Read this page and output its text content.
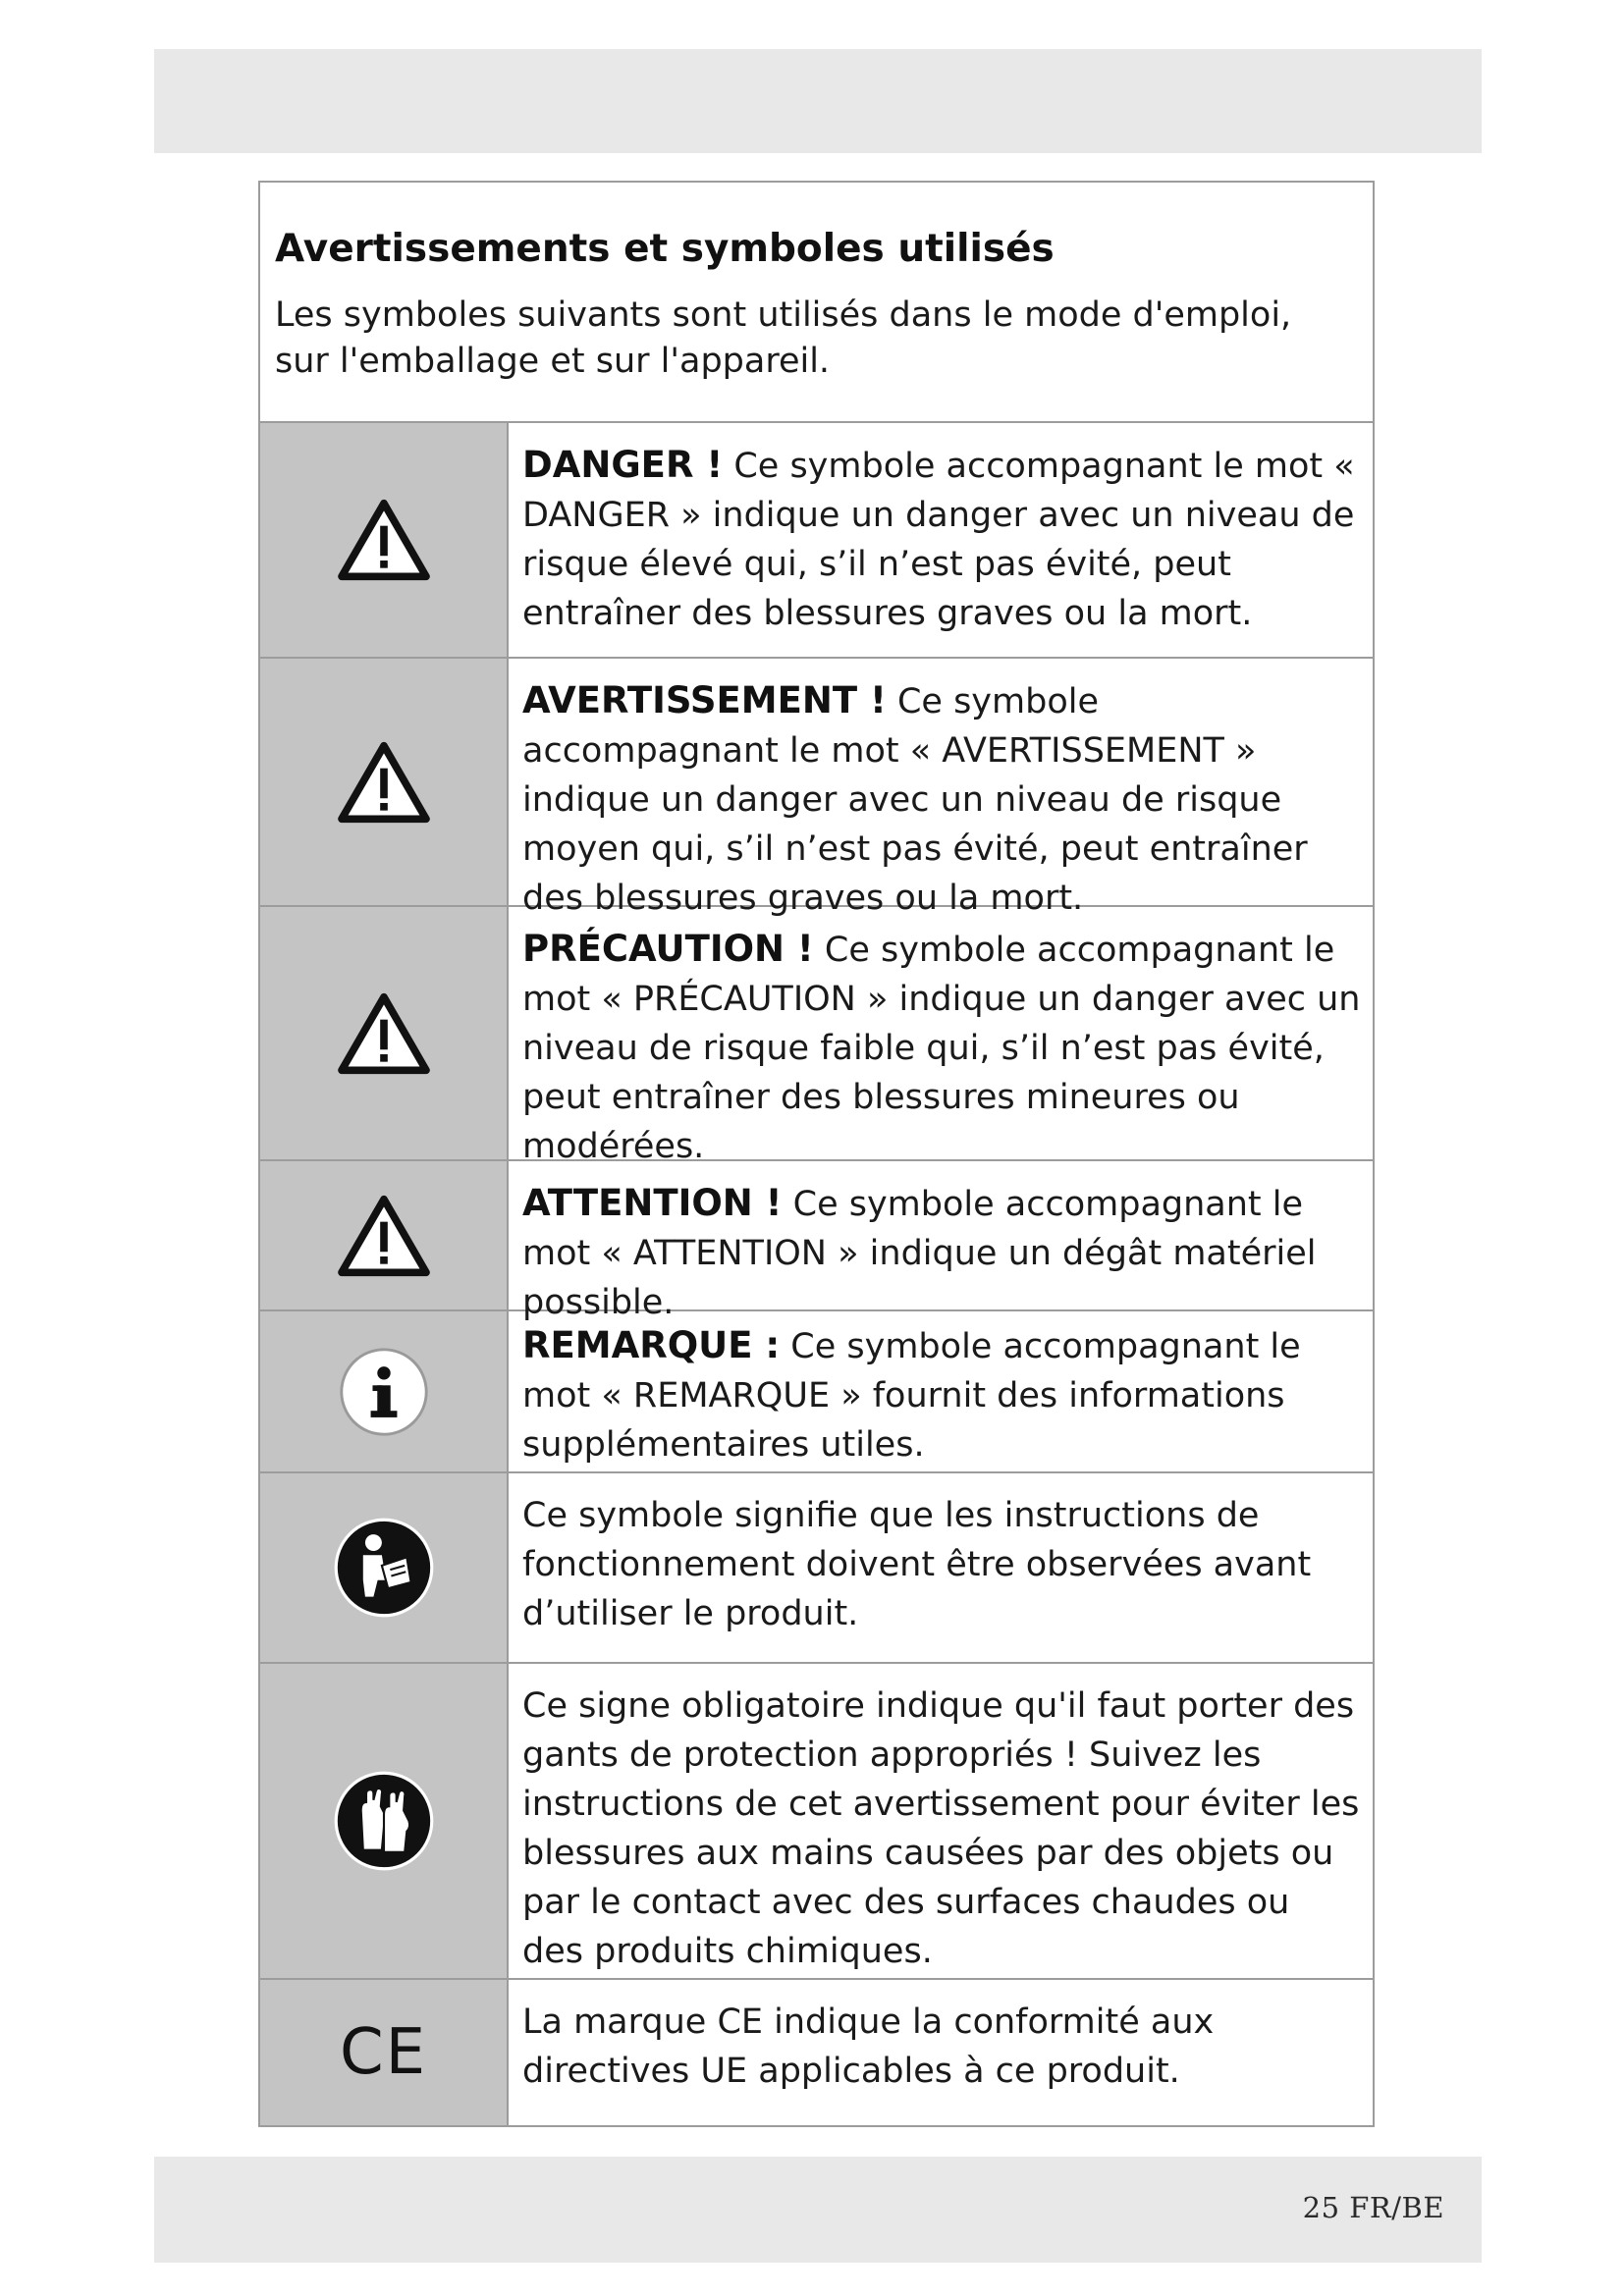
Avertissements et symboles utilisés

Les symboles suivants sont utilisés dans le mode d'emploi, sur l'emballage et sur l'appareil.

DANGER ! Ce symbole accompagnant le mot « DANGER » indique un danger avec un niveau de risque élevé qui, s’il n’est pas évité, peut entraîner des blessures graves ou la mort.
AVERTISSEMENT ! Ce symbole accompagnant le mot « AVERTISSEMENT » indique un danger avec un niveau de risque moyen qui, s’il n’est pas évité, peut entraîner des blessures graves ou la mort.
PRÉCAUTION ! Ce symbole accompagnant le mot « PRÉCAUTION » indique un danger avec un niveau de risque faible qui, s’il n’est pas évité, peut entraîner des blessures mineures ou modérées.
ATTENTION ! Ce symbole accompagnant le mot « ATTENTION » indique un dégât matériel possible.
REMARQUE : Ce symbole accompagnant le mot « REMARQUE » fournit des informations supplémentaires utiles.
Ce symbole signifie que les instructions de fonctionnement doivent être observées avant d’utiliser le produit.
Ce signe obligatoire indique qu'il faut porter des gants de protection appropriés ! Suivez les instructions de cet avertissement pour éviter les blessures aux mains causées par des objets ou par le contact avec des surfaces chaudes ou des produits chimiques.
CE	La marque CE indique la conformité aux directives UE applicables à ce produit.
25 FR/BE
